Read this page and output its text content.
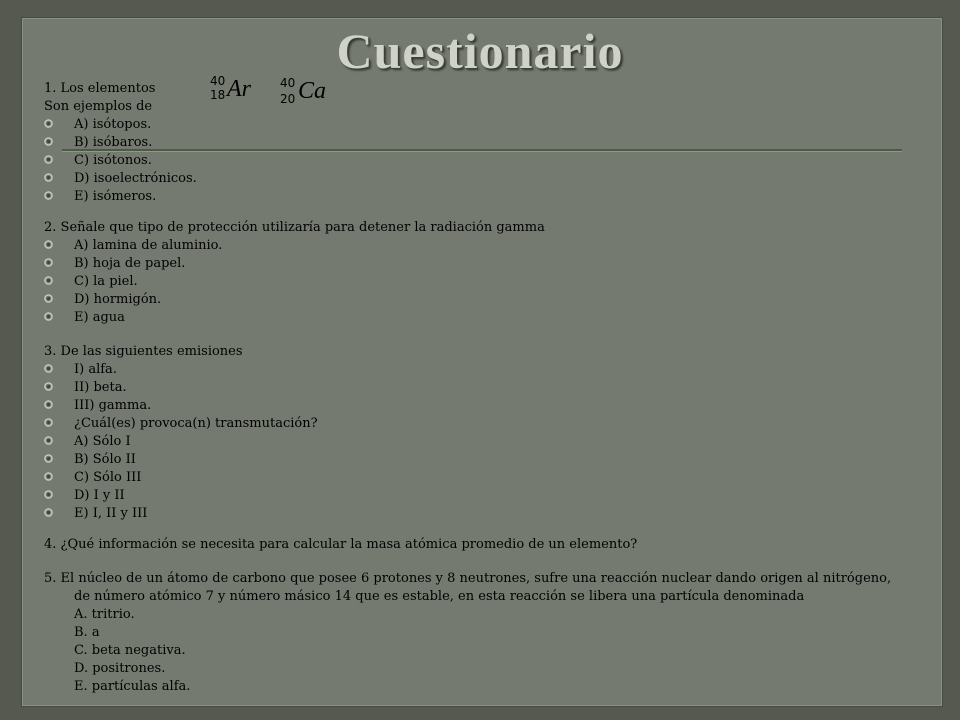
Cuestionario
1. Los elementos
Son ejemplos de
40
18 Ar 40
20 Ca
A) isótopos.
B) isóbaros.
C) isótonos.
D) isoelectrónicos.
E) isómeros.
2. Señale que tipo de protección utilizaría para detener la radiación gamma
A) lamina de aluminio.
B) hoja de papel.
C) la piel.
D) hormigón.
E) agua
3. De las siguientes emisiones
I) alfa.
II) beta.
III) gamma.
¿Cuál(es) provoca(n) transmutación?
A) Sólo I
B) Sólo II
C) Sólo III
D) I y II
E) I, II y III
4. ¿Qué información se necesita para calcular la masa atómica promedio de un elemento?
5. El núcleo de un átomo de carbono que posee 6 protones y 8 neutrones, sufre una reacción nuclear dando origen al nitrógeno,
de número atómico 7 y número másico 14 que es estable, en esta reacción se libera una partícula denominada
A. tritrio.
B. a
C. beta negativa.
D. positrones.
E. partículas alfa.
